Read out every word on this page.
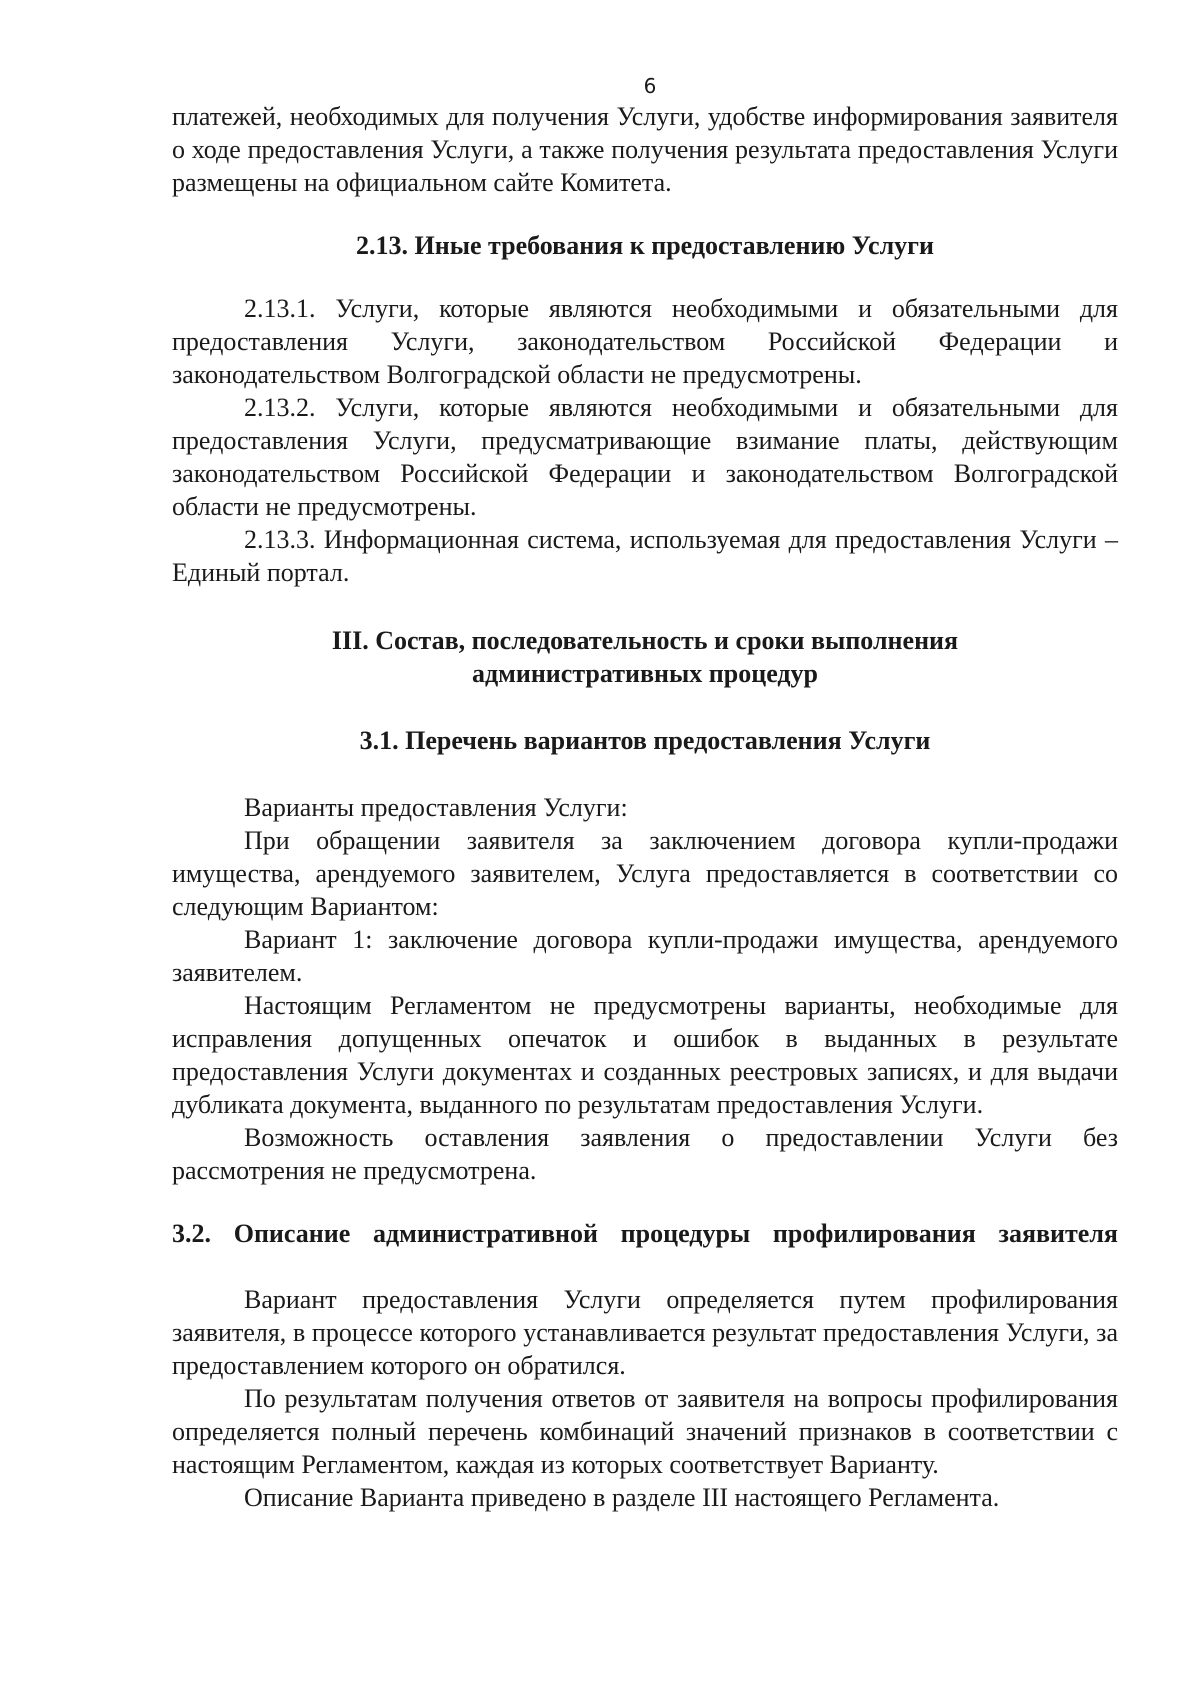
6

платежей, необходимых для получения Услуги, удобстве информирования заявителя о ходе предоставления Услуги, а также получения результата предоставления Услуги размещены на официальном сайте Комитета.

2.13. Иные требования к предоставлению Услуги

2.13.1. Услуги, которые являются необходимыми и обязательными для предоставления Услуги, законодательством Российской Федерации и законодательством Волгоградской области не предусмотрены.

2.13.2. Услуги, которые являются необходимыми и обязательными для предоставления Услуги, предусматривающие взимание платы, действующим законодательством Российской Федерации и законодательством Волгоградской области не предусмотрены.

2.13.3. Информационная система, используемая для предоставления Услуги – Единый портал.

III. Состав, последовательность и сроки выполнения
административных процедур
3.1. Перечень вариантов предоставления Услуги

Варианты предоставления Услуги:

При обращении заявителя за заключением договора купли-продажи имущества, арендуемого заявителем, Услуга предоставляется в соответствии со следующим Вариантом:

Вариант 1: заключение договора купли-продажи имущества, арендуемого заявителем.

Настоящим Регламентом не предусмотрены варианты, необходимые для исправления допущенных опечаток и ошибок в выданных в результате предоставления Услуги документах и созданных реестровых записях, и для выдачи дубликата документа, выданного по результатам предоставления Услуги.

Возможность оставления заявления о предоставлении Услуги без рассмотрения не предусмотрена.

3.2. Описание административной процедуры профилирования заявителя

Вариант предоставления Услуги определяется путем профилирования заявителя, в процессе которого устанавливается результат предоставления Услуги, за предоставлением которого он обратился.

По результатам получения ответов от заявителя на вопросы профилирования определяется полный перечень комбинаций значений признаков в соответствии с настоящим Регламентом, каждая из которых соответствует Варианту.

Описание Варианта приведено в разделе III настоящего Регламента.
